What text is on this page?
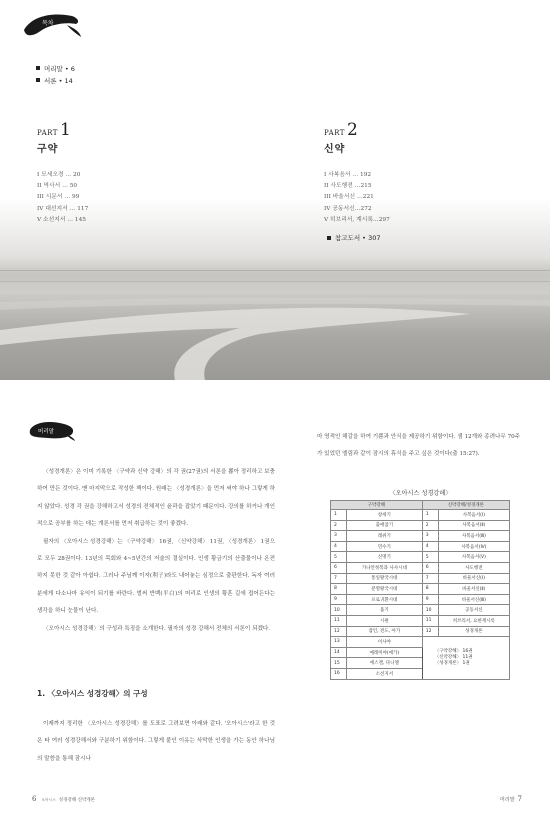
목차
머리말 • 6
서론 • 14
PART 1
구약
I 모세오경 … 20
II 역사서 … 50
III 시문서 … 99
IV 대선지서 … 117
V 소선지서 … 145
PART 2
신약
I 사복음서 … 192
II 사도행전 …215
III 바울서신 …221
IV 공동서신…272
V 히브리서, 계시록…297
참고도서 • 307
머리말

〈성경개론〉은 이미 기록한 〈구약과 신약 강해〉의 각 권(27권)의 서론을 뽑아 정리하고 보충하여 만든 것이다. 맨 마지막으로 작성한 책이다. 원래는 〈성경개론〉을 먼저 써야 하나 그렇게 하지 않았다. 성경 각 권을 강해하고서 성경의 전체적인 윤곽을 잡았기 때문이다. 강의를 하거나 개인적으로 공부를 하는 데는 개론서를 먼저 취급하는 것이 좋겠다.

필자의 〈오아시스 성경강해〉는 〈구약강해〉 16권, 〈신약강해〉 11권, 〈성경개론〉 1권으로 모두 28권이다. 13년의 목회와 4~5년간의 저술의 결실이다. 인생 황금기의 산출물이나 온전하지 못한 것 같아 아쉽다. 그러나 주님께 이저(利子)라도 내어놓는 심정으로 출판한다. 독자 여러분에게 다소나마 유익이 되기를 바란다. 벌써 반백(半白)의 머리로 인생의 황혼 길에 접어든다는 생각을 하니 눈물이 난다.

〈오아시스 성경강해〉의 구성과 특징을 소개한다. 필자의 성경 강해서 전체의 서론이 되겠다.

1. 〈오아시스 성경강해〉의 구성

이제까지 정리한 〈오아시스 성경강해〉를 도표로 그려보면 아래와 같다. '오아시스'라고 한 것은 타 여러 성경강해서와 구분하기 위함이다. 그렇게 붙인 이유는 삭막한 인생을 가는 동안 하나님의 말씀을 통해 잠시나

마 영적인 해갈을 하여 기쁨과 안식을 제공하기 위함이다. 샘 12개와 종려나무 70주가 있었던 엘림과 같이 잠시의 휴식을 주고 싶은 것이다(출 15:27).
〈오아시스 성경강해〉
구약강해		신약강해/성경개론	
1	창세기	1	사복음서(Ⅰ)
2	출애굽기	2	사복음서(Ⅱ)
3	레위기	3	사복음서(Ⅲ)
4	민수기	4	사복음서(Ⅳ)
5	신명기	5	사복음서(Ⅴ)
6	가나안정복과 사사시대	6	사도행전
7	통일왕국시대	7	바울서신(Ⅰ)
8	분열왕국시대	8	바울서신(Ⅱ)
9	포로귀환시대	9	바울서신(Ⅲ)
10	욥기	10	공동서신
11	시편	11	히브리서, 요한계시록
12	잠언, 전도, 아가	12	성경개론
13	이사야	〈구약강해〉 16권
〈신약강해〉 11권
〈성경개론〉 1권	

14	예레미야(애가)		
15	에스겔, 다니엘		
16	소선지서		
6 오아시스 성경강해 신약개론	머리말 7
